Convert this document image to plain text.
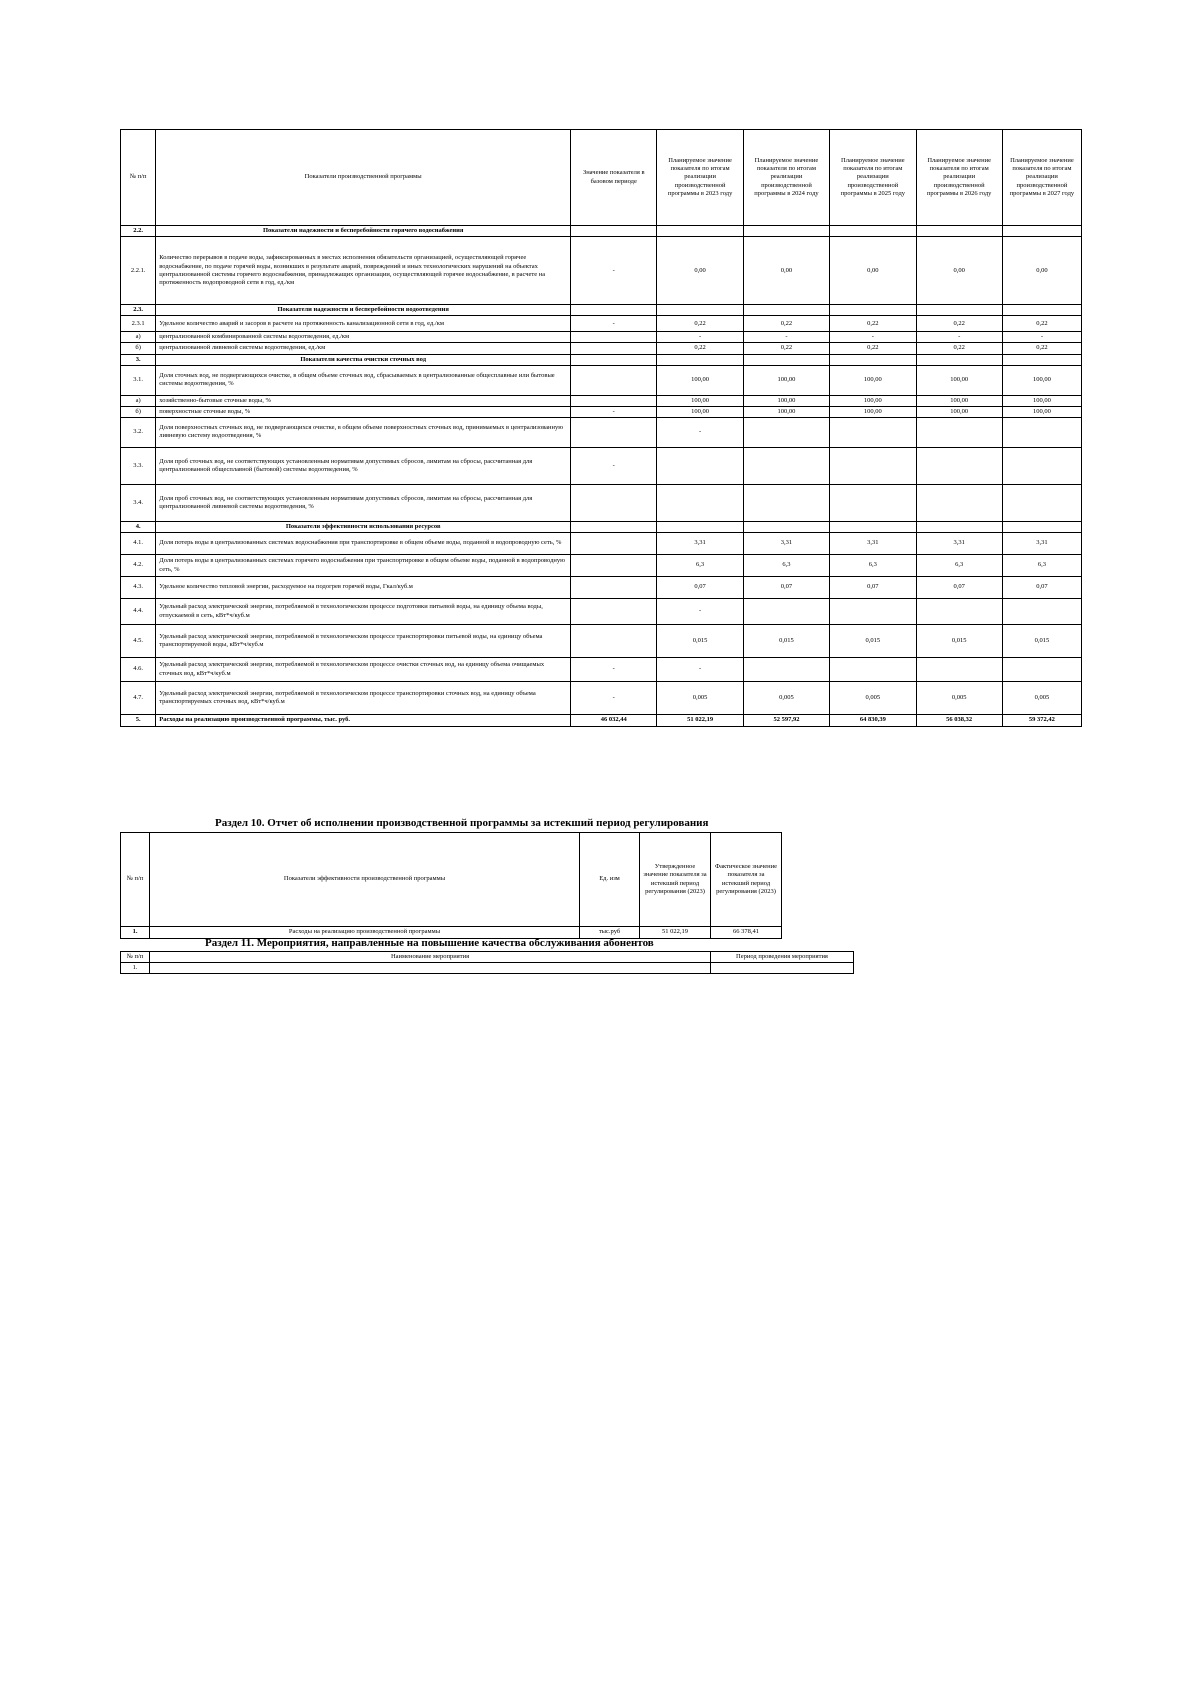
№ п/п	Показатели производственной программы	Значение показателя в базовом периоде	Планируемое значение показателя по итогам реализации производственной программы в 2023 году	Планируемое значение показателя по итогам реализации производственной программы в 2024 году	Планируемое значение показателя по итогам реализации производственной программы в 2025 году	Планируемое значение показателя по итогам реализации производственной программы в 2026 году	Планируемое значение показателя по итогам реализации производственной программы в 2027 году
2.2.	Показатели надежности и бесперебойности горячего водоснабжения						
2.2.1.	Количество перерывов в подаче воды, зафиксированных в местах исполнения обязательств организацией, осуществляющей горячее водоснабжение, по подаче горячей воды, возникших в результате аварий, повреждений и иных технологических нарушений на объектах централизованной системы горячего водоснабжения, принадлежащих организации, осуществляющей горячее водоснабжение, в расчете на протяженность водопроводной сети в год, ед./км	-	0,00	0,00	0,00	0,00	0,00
2.3.	Показатели надежности и бесперебойности водоотведения						
2.3.1	Удельное количество аварий и засоров в расчете на протяженность канализационной сети в год, ед./км	-	0,22	0,22	0,22	0,22	0,22
а)	централизованной комбинированной системы водоотведения, ед./км		-	-	-	-	-
б)	централизованной ливневой системы водоотведения, ед./км		0,22	0,22	0,22	0,22	0,22
3.	Показатели качества очистки сточных вод						
3.1.	Доля сточных вод, не подвергающихся очистке, в общем объеме сточных вод, сбрасываемых в централизованные общесплавные или бытовые системы водоотведения, %		100,00	100,00	100,00	100,00	100,00
а)	хозяйственно-бытовые сточные воды, %		100,00	100,00	100,00	100,00	100,00
б)	поверхностные сточные воды, %	-	100,00	100,00	100,00	100,00	100,00
3.2.	Доля поверхностных сточных вод, не подвергающихся очистке, в общем объеме поверхностных сточных вод, принимаемых в централизованную ливневую систему водоотведения, %		-				
3.3.	Доля проб сточных вод, не соответствующих установленным нормативам допустимых сбросов, лимитам на сбросы, рассчитанная для централизованной общесплавной (бытовой) системы водоотведения, %	-					
3.4.	Доля проб сточных вод, не соответствующих установленным нормативам допустимых сбросов, лимитам на сбросы, рассчитанная для централизованной ливневой системы водоотведения, %						
4.	Показатели эффективности использования ресурсов						
4.1.	Доля потерь воды в централизованных системах водоснабжения при транспортировке в общем объеме воды, поданной в водопроводную сеть, %		3,31	3,31	3,31	3,31	3,31
4.2.	Доля потерь воды в централизованных системах горячего водоснабжения при транспортировке в общем объеме воды, поданной в водопроводную сеть, %		6,3	6,3	6,3	6,3	6,3
4.3.	Удельное количество тепловой энергии, расходуемое на подогрев горячей воды, Гкал/куб.м		0,07	0,07	0,07	0,07	0,07
4.4.	Удельный расход электрической энергии, потребляемой в технологическом процессе подготовки питьевой воды, на единицу объема воды, отпускаемой в сеть, кВт*ч/куб.м		-				
4.5.	Удельный расход электрической энергии, потребляемой в технологическом процессе транспортировки питьевой воды, на единицу объема транспортируемой воды, кВт*ч/куб.м		0,015	0,015	0,015	0,015	0,015
4.6.	Удельный расход электрической энергии, потребляемой в технологическом процессе очистки сточных вод, на единицу объема очищаемых сточных вод, кВт*ч/куб.м	-	-				
4.7.	Удельный расход электрической энергии, потребляемой в технологическом процессе транспортировки сточных вод, на единицу объема транспортируемых сточных вод, кВт*ч/куб.м	-	0,005	0,005	0,005	0,005	0,005
5.	Расходы на реализацию производственной программы, тыс. руб.	46 032,44	51 022,19	52 597,92	64 830,39	56 038,32	59 372,42
Раздел 10. Отчет об исполнении производственной программы за истекший период регулирования
№ п/п	Показатели эффективности производственной программы	Ед. изм	Утвержденное значение показателя за истекший период регулирования (2023)	Фактическое значение показателя за истекший период регулирования (2023)	
1.	Расходы на реализацию производственной программы	тыс.руб	51 022,19	66 378,41	
Раздел 11. Мероприятия, направленные на повышение качества обслуживания абонентов
№ п/п	Наименование мероприятия	Период проведения мероприятия
1.		
